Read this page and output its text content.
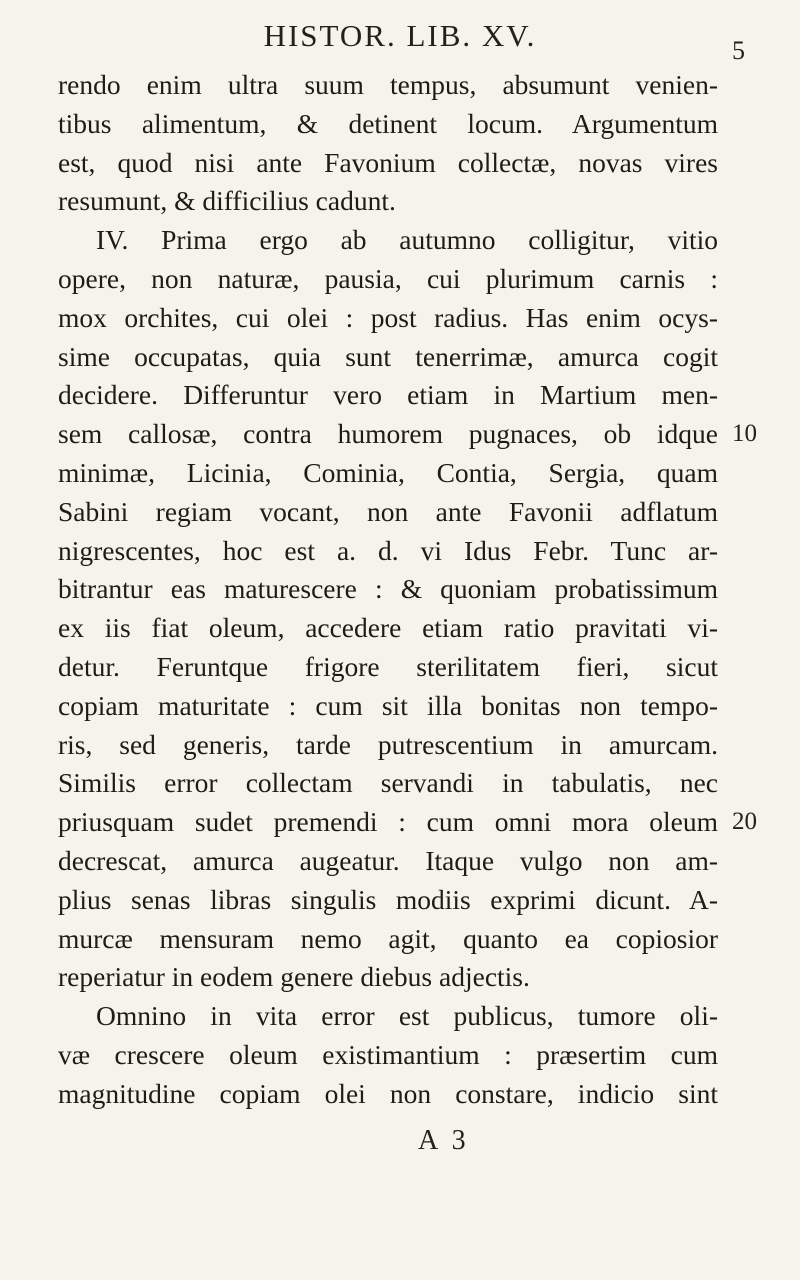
HISTOR. LIB. XV.	5
rendo enim ultra suum tempus, absumunt venien-
tibus alimentum, & detinent locum. Argumentum
est, quod nisi ante Favonium collectæ, novas vires
resumunt, & difficilius cadunt.
IV. Prima ergo ab autumno colligitur, vitio
opere, non naturæ, pausia, cui plurimum carnis :
mox orchites, cui olei : post radius. Has enim ocys-
sime occupatas, quia sunt tenerrimæ, amurca cogit
decidere. Differuntur vero etiam in Martium men-
sem callosæ, contra humorem pugnaces, ob idque
minimæ, Licinia, Cominia, Contia, Sergia, quam
Sabini regiam vocant, non ante Favonii adflatum
nigrescentes, hoc est a. d. vi Idus Febr. Tunc ar-
bitrantur eas maturescere : & quoniam probatissimum
ex iis fiat oleum, accedere etiam ratio pravitati vi-
detur. Feruntque frigore sterilitatem fieri, sicut
copiam maturitate : cum sit illa bonitas non tempo-
ris, sed generis, tarde putrescentium in amurcam.
Similis error collectam servandi in tabulatis, nec
priusquam sudet premendi : cum omni mora oleum
decrescat, amurca augeatur. Itaque vulgo non am-
plius senas libras singulis modiis exprimi dicunt. A-
murcæ mensuram nemo agit, quanto ea copiosior
reperiatur in eodem genere diebus adjectis.
Omnino in vita error est publicus, tumore oli-
væ crescere oleum existimantium : præsertim cum
magnitudine copiam olei non constare, indicio sint
10
20
A 3
